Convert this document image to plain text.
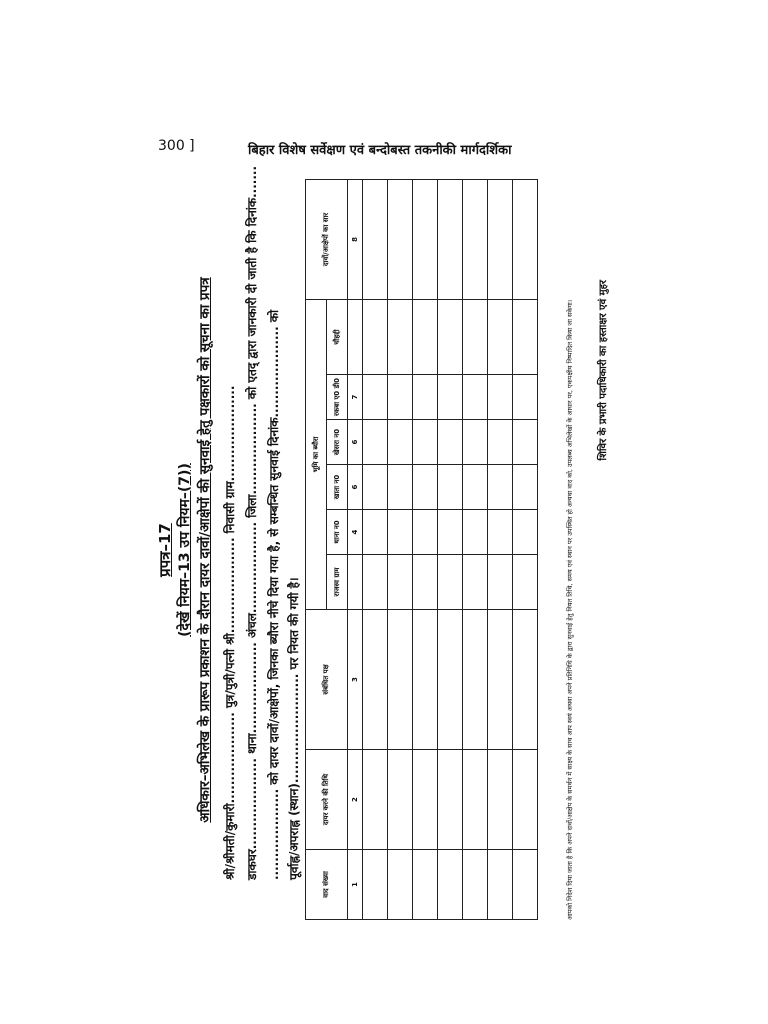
300 ]	बिहार विशेष सर्वेक्षण एवं बन्दोबस्त तकनीकी मार्गदर्शिका
प्रपत्र–17 (देखें नियम–13 उप नियम–(7)) अधिकार–अभिलेख के प्रारूप प्रकाशन के दौरान दायर दावों/आक्षेपों की सुनवाई हेतु पक्षकारों को सूचना का प्रपत्र श्री/श्रीमती/कुमारी.................... पुत्र/पुत्री/पत्नी श्री..................... निवासी ग्राम..................... डाकघर.................... थाना.................... अंचल.................... जिला.................... को एतद् द्वारा जानकारी दी जाती है कि दिनांक....... .................... को दायर दावों/आक्षेपों, जिनका ब्यौरा नीचे दिया गया है, से सम्बन्धित सुनवाई दिनांक.................... को पूर्वाह्न/अपराह्न (स्थान)........................ पर नियत की गयी है।
वाद संख्या	दायर करने की तिथि	संबंधित पक्ष	भूमि का ब्यौरा						दावों/आक्षेपों का सार
			राजस्व ग्राम	थाना न0	खाता न0	खेसरा न0	रकबा ए0 डी0	चौहद्दी	
1	2	3		4	6	6	7		8

आपको निदेश दिया जाता है कि अपने दावों/आक्षेप के समर्थन में साक्ष्य के साथ आप स्वयं अथवा अपने प्रतिनिधि के द्वारा सुनवाई हेतु नियत तिथि, समय एवं स्थान पर उपस्थित हो अन्यथा वाद को, उपलब्ध अभिलेखों के आधार पर, एकपक्षीय निष्पादित किया जा सकेगा।	शिविर के प्रभारी पदाधिकारी का हस्ताक्षर एवं मुहर
